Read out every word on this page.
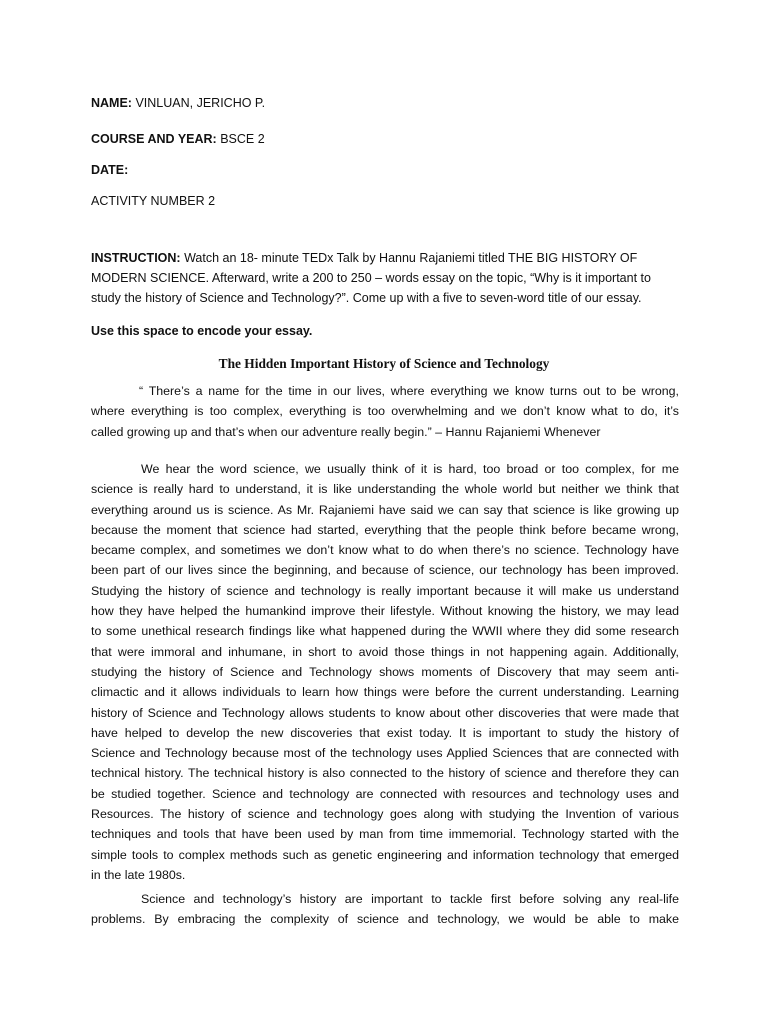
NAME: VINLUAN, JERICHO P.
COURSE AND YEAR: BSCE 2
DATE:
ACTIVITY NUMBER 2
INSTRUCTION: Watch an 18- minute TEDx Talk by Hannu Rajaniemi titled THE BIG HISTORY OF MODERN SCIENCE. Afterward, write a 200 to 250 – words essay on the topic, “Why is it important to study the history of Science and Technology?”. Come up with a five to seven-word title of our essay.
Use this space to encode your essay.
The Hidden Important History of Science and Technology
“ There’s a name for the time in our lives, where everything we know turns out to be wrong,
where everything is too complex, everything is too overwhelming and we don’t know what to do, it’s
called growing up and that’s when our adventure really begin.” – Hannu Rajaniemi Whenever
We hear the word science, we usually think of it is hard, too broad or too complex, for me
science is really hard to understand, it is like understanding the whole world but neither we think that
everything around us is science. As Mr. Rajaniemi have said we can say that science is like growing up
because the moment that science had started, everything that the people think before became wrong,
became complex, and sometimes we don’t know what to do when there’s no science. Technology have
been part of our lives since the beginning, and because of science, our technology has been improved.
Studying the history of science and technology is really important because it will make us understand
how they have helped the humankind improve their lifestyle. Without knowing the history, we may lead
to some unethical research findings like what happened during the WWII where they did some research
that were immoral and inhumane, in short to avoid those things in not happening again. Additionally,
studying the history of Science and Technology shows moments of Discovery that may seem anti-
climactic and it allows individuals to learn how things were before the current understanding. Learning
history of Science and Technology allows students to know about other discoveries that were made that
have helped to develop the new discoveries that exist today. It is important to study the history of
Science and Technology because most of the technology uses Applied Sciences that are connected with
technical history. The technical history is also connected to the history of science and therefore they can
be studied together. Science and technology are connected with resources and technology uses and
Resources. The history of science and technology goes along with studying the Invention of various
techniques and tools that have been used by man from time immemorial. Technology started with the
simple tools to complex methods such as genetic engineering and information technology that emerged
in the late 1980s.
Science and technology’s history are important to tackle first before solving any real-life
problems. By embracing the complexity of science and technology, we would be able to make
